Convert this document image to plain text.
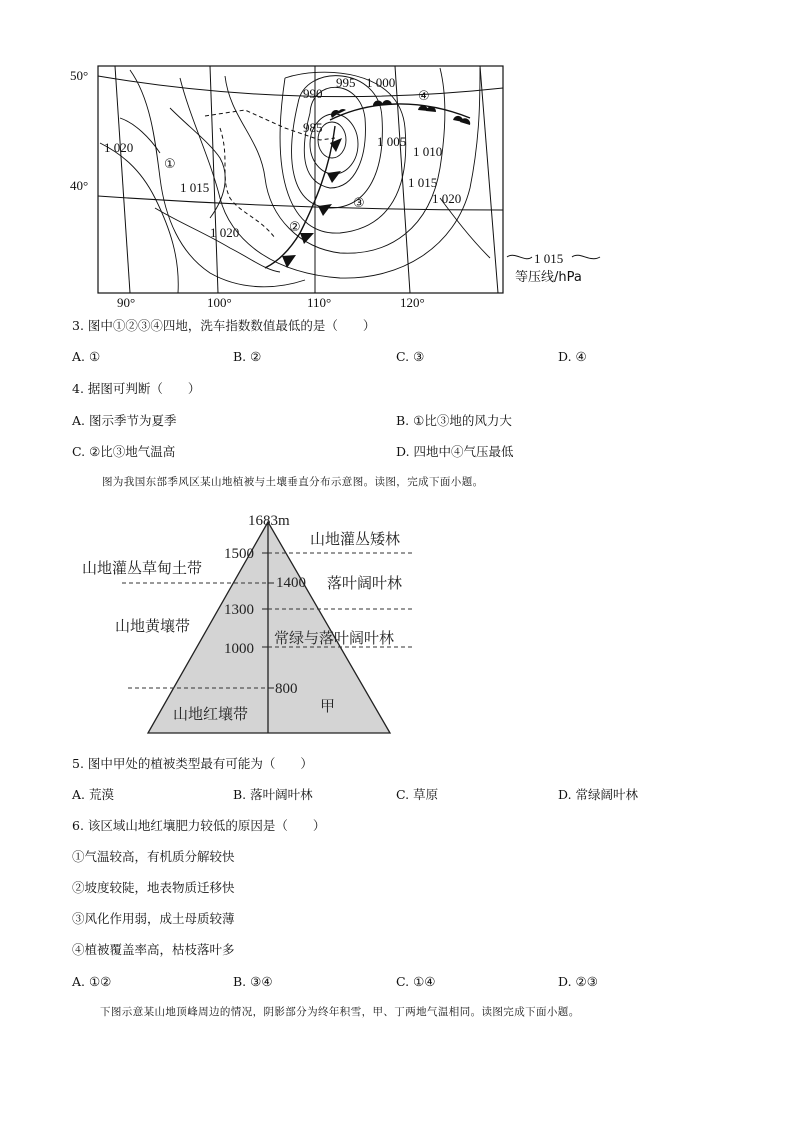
1 015
等压线/hPa
50°
40°
90°	100°	110°	120°
990
995 1 000
985
1 005
1 010
1 015
1 020
1 020
1 015
1 020
①
②
③
④
3. 图中①②③④四地，洗车指数数值最低的是（　　）
A. ①	B. ②	C. ③	D. ④
4. 据图可判断（　　）
A. 图示季节为夏季	B. ①比③地的风力大
C. ②比③地气温高	D. 四地中④气压最低
图为我国东部季风区某山地植被与土壤垂直分布示意图。读图，完成下面小题。
1683m
1500
1400
1300
1000
800
山地灌丛草甸土带
山地黄壤带
山地红壤带
山地灌丛矮林
落叶阔叶林
常绿与落叶阔叶林
甲
5. 图中甲处的植被类型最有可能为（　　）
A. 荒漠	B. 落叶阔叶林	C. 草原	D. 常绿阔叶林
6. 该区域山地红壤肥力较低的原因是（　　）
①气温较高，有机质分解较快
②坡度较陡，地表物质迁移快
③风化作用弱，成土母质较薄
④植被覆盖率高，枯枝落叶多
A. ①②	B. ③④	C. ①④	D. ②③
下图示意某山地顶峰周边的情况，阴影部分为终年积雪，甲、丁两地气温相同。读图完成下面小题。
